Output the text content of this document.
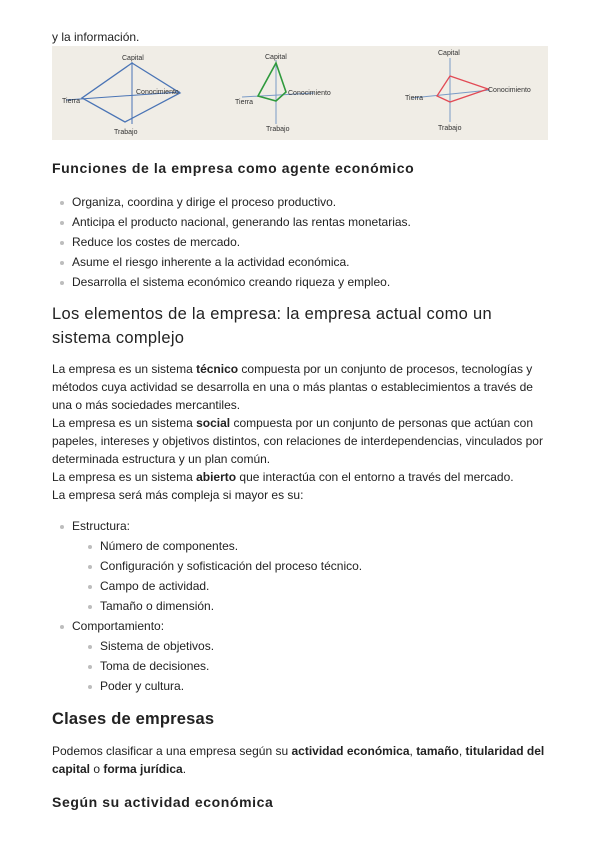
y la información.
Capital
Conocimiento
Tierra
Trabajo
Capital
Conocimiento
Tierra
Trabajo
Capital
Conocimiento
Tierra
Trabajo
Funciones de la empresa como agente económico
Organiza, coordina y dirige el proceso productivo.
Anticipa el producto nacional, generando las rentas monetarias.
Reduce los costes de mercado.
Asume el riesgo inherente a la actividad económica.
Desarrolla el sistema económico creando riqueza y empleo.
Los elementos de la empresa: la empresa actual como un sistema complejo

La empresa es un sistema técnico compuesta por un conjunto de procesos, tecnologías y

métodos cuya actividad se desarrolla en una o más plantas o establecimientos a través de

una o más sociedades mercantiles.

La empresa es un sistema social compuesta por un conjunto de personas que actúan con

papeles, intereses y objetivos distintos, con relaciones de interdependencias, vinculados por

determinada estructura y un plan común.

La empresa es un sistema abierto que interactúa con el entorno a través del mercado.

La empresa será más compleja si mayor es su:

Estructura:
Número de componentes.
Configuración y sofisticación del proceso técnico.
Campo de actividad.
Tamaño o dimensión.
Comportamiento:
Sistema de objetivos.
Toma de decisiones.
Poder y cultura.
Clases de empresas

Podemos clasificar a una empresa según su actividad económica, tamaño, titularidad del

capital o forma jurídica.

Según su actividad económica
